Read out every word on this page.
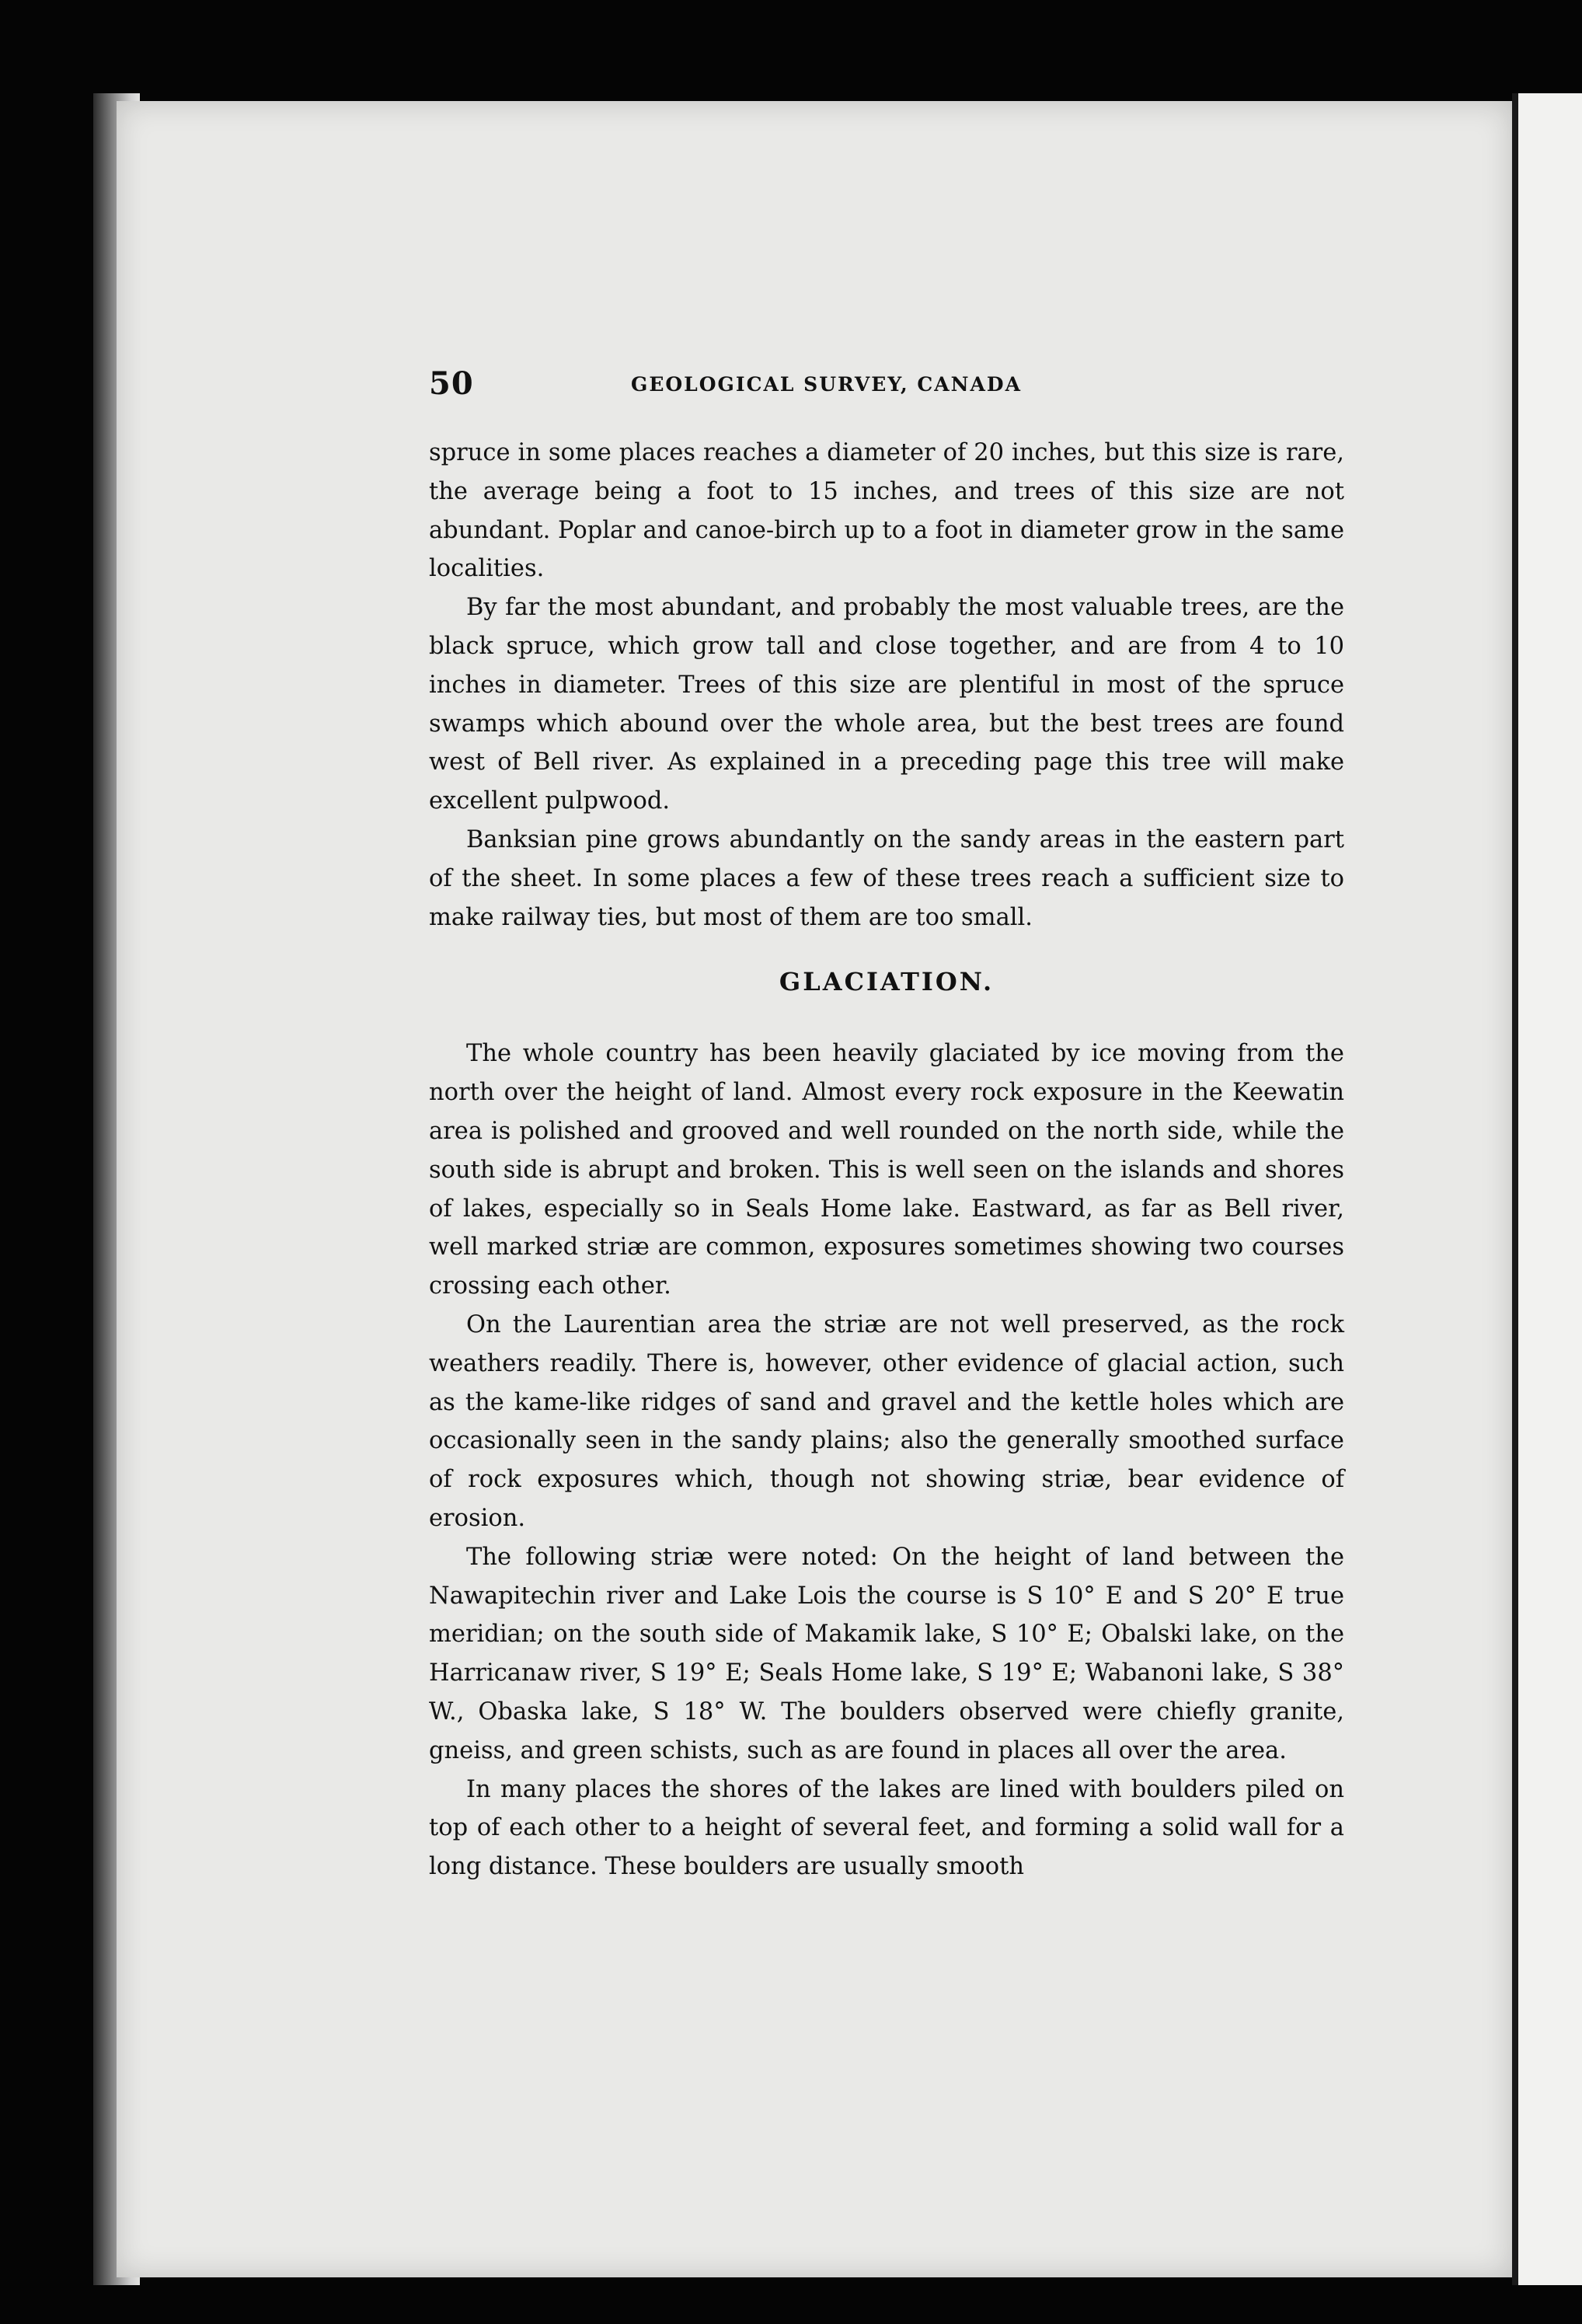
50	GEOLOGICAL SURVEY, CANADA

spruce in some places reaches a diameter of 20 inches, but this size is rare, the average being a foot to 15 inches, and trees of this size are not abundant. Poplar and canoe-birch up to a foot in diameter grow in the same localities.

By far the most abundant, and probably the most valuable trees, are the black spruce, which grow tall and close together, and are from 4 to 10 inches in diameter. Trees of this size are plentiful in most of the spruce swamps which abound over the whole area, but the best trees are found west of Bell river. As explained in a preceding page this tree will make excellent pulpwood.

Banksian pine grows abundantly on the sandy areas in the eastern part of the sheet. In some places a few of these trees reach a sufficient size to make railway ties, but most of them are too small.

GLACIATION.

The whole country has been heavily glaciated by ice moving from the north over the height of land. Almost every rock exposure in the Keewatin area is polished and grooved and well rounded on the north side, while the south side is abrupt and broken. This is well seen on the islands and shores of lakes, especially so in Seals Home lake. Eastward, as far as Bell river, well marked striæ are common, exposures sometimes showing two courses crossing each other.

On the Laurentian area the striæ are not well preserved, as the rock weathers readily. There is, however, other evidence of glacial action, such as the kame-like ridges of sand and gravel and the kettle holes which are occasionally seen in the sandy plains; also the generally smoothed surface of rock exposures which, though not showing striæ, bear evidence of erosion.

The following striæ were noted: On the height of land between the Nawapitechin river and Lake Lois the course is S 10° E and S 20° E true meridian; on the south side of Makamik lake, S 10° E; Obalski lake, on the Harricanaw river, S 19° E; Seals Home lake, S 19° E; Wabanoni lake, S 38° W., Obaska lake, S 18° W. The boulders observed were chiefly granite, gneiss, and green schists, such as are found in places all over the area.

In many places the shores of the lakes are lined with boulders piled on top of each other to a height of several feet, and forming a solid wall for a long distance. These boulders are usually smooth
